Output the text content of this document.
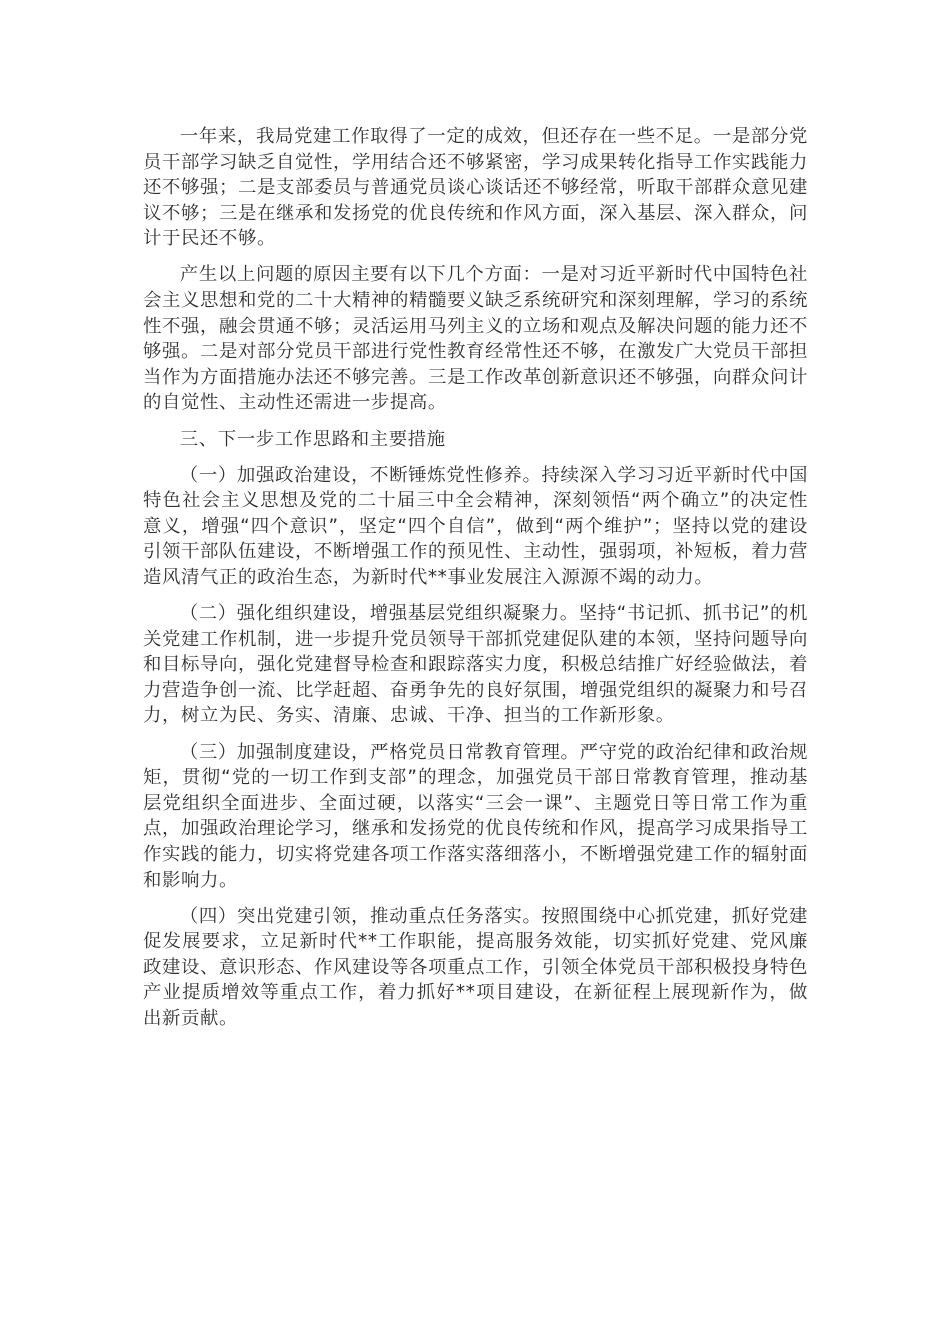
一年来，我局党建工作取得了一定的成效，但还存在一些不足。一是部分党员干部学习缺乏自觉性，学用结合还不够紧密，学习成果转化指导工作实践能力还不够强；二是支部委员与普通党员谈心谈话还不够经常，听取干部群众意见建议不够；三是在继承和发扬党的优良传统和作风方面，深入基层、深入群众，问计于民还不够。

产生以上问题的原因主要有以下几个方面：一是对习近平新时代中国特色社会主义思想和党的二十大精神的精髓要义缺乏系统研究和深刻理解，学习的系统性不强，融会贯通不够；灵活运用马列主义的立场和观点及解决问题的能力还不够强。二是对部分党员干部进行党性教育经常性还不够，在激发广大党员干部担当作为方面措施办法还不够完善。三是工作改革创新意识还不够强，向群众问计的自觉性、主动性还需进一步提高。

三、下一步工作思路和主要措施

（一）加强政治建设，不断锤炼党性修养。持续深入学习习近平新时代中国特色社会主义思想及党的二十届三中全会精神，深刻领悟“两个确立”的决定性意义，增强“四个意识”，坚定“四个自信”，做到“两个维护”；坚持以党的建设引领干部队伍建设，不断增强工作的预见性、主动性，强弱项，补短板，着力营造风清气正的政治生态，为新时代**事业发展注入源源不竭的动力。

（二）强化组织建设，增强基层党组织凝聚力。坚持“书记抓、抓书记”的机关党建工作机制，进一步提升党员领导干部抓党建促队建的本领，坚持问题导向和目标导向，强化党建督导检查和跟踪落实力度，积极总结推广好经验做法，着力营造争创一流、比学赶超、奋勇争先的良好氛围，增强党组织的凝聚力和号召力，树立为民、务实、清廉、忠诚、干净、担当的工作新形象。

（三）加强制度建设，严格党员日常教育管理。严守党的政治纪律和政治规矩，贯彻“党的一切工作到支部”的理念，加强党员干部日常教育管理，推动基层党组织全面进步、全面过硬，以落实“三会一课”、主题党日等日常工作为重点，加强政治理论学习，继承和发扬党的优良传统和作风，提高学习成果指导工作实践的能力，切实将党建各项工作落实落细落小，不断增强党建工作的辐射面和影响力。

（四）突出党建引领，推动重点任务落实。按照围绕中心抓党建，抓好党建促发展要求，立足新时代**工作职能，提高服务效能，切实抓好党建、党风廉政建设、意识形态、作风建设等各项重点工作，引领全体党员干部积极投身特色产业提质增效等重点工作，着力抓好**项目建设，在新征程上展现新作为，做出新贡献。
